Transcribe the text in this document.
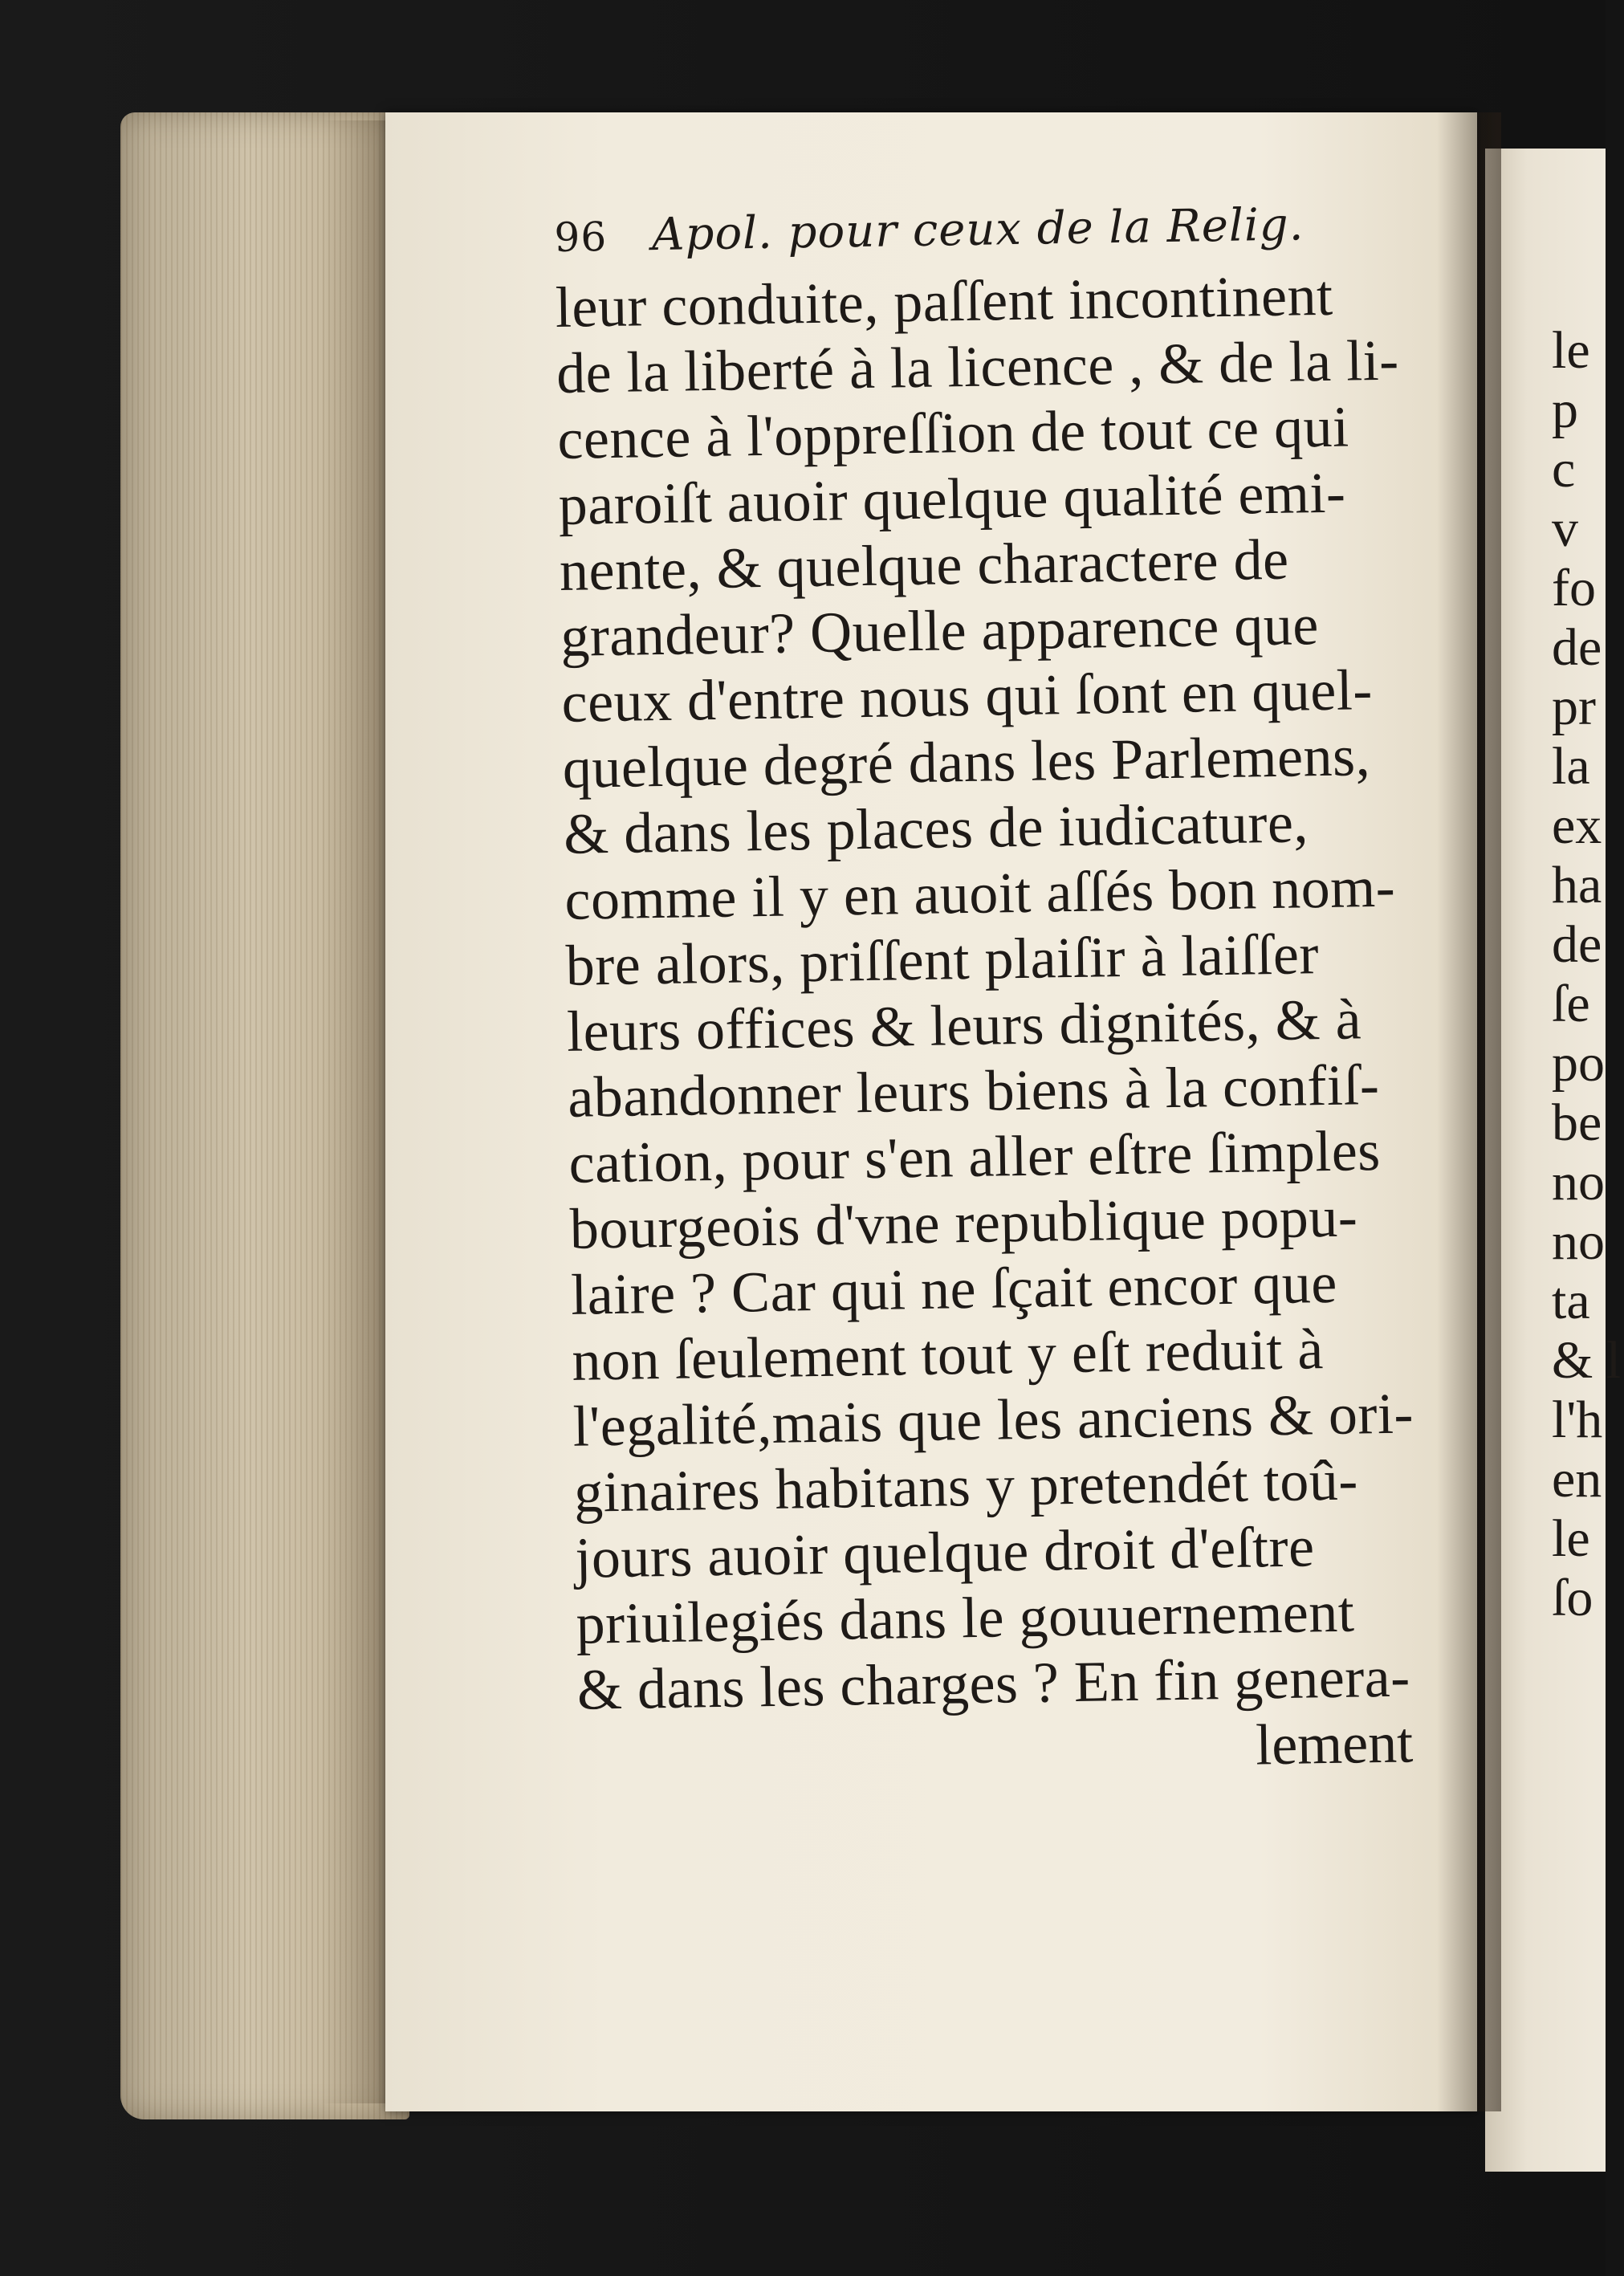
96 Apol. pour ceux de la Relig.
leur conduite, paſſent incontinent
de la liberté à la licence , & de la li-
cence à l'oppreſſion de tout ce qui
paroiſt auoir quelque qualité emi-
nente, & quelque charactere de
grandeur? Quelle apparence que
ceux d'entre nous qui ſont en quel-
quelque degré dans les Parlemens,
& dans les places de iudicature,
comme il y en auoit aſſés bon nom-
bre alors, priſſent plaiſir à laiſſer
leurs offices & leurs dignités, & à
abandonner leurs biens à la confiſ-
cation, pour s'en aller eſtre ſimples
bourgeois d'vne republique popu-
laire ? Car qui ne ſçait encor que
non ſeulement tout y eſt reduit à
l'egalité,mais que les anciens & ori-
ginaires habitans y pretendét toû-
jours auoir quelque droit d'eſtre
priuilegiés dans le gouuernement
& dans les charges ? En fin genera-
lement
le
p
c
v
fo
de
pr
la
ex
ha
de
ſe
po
be
no
no
ta
& l
l'h
en
le
ſo
